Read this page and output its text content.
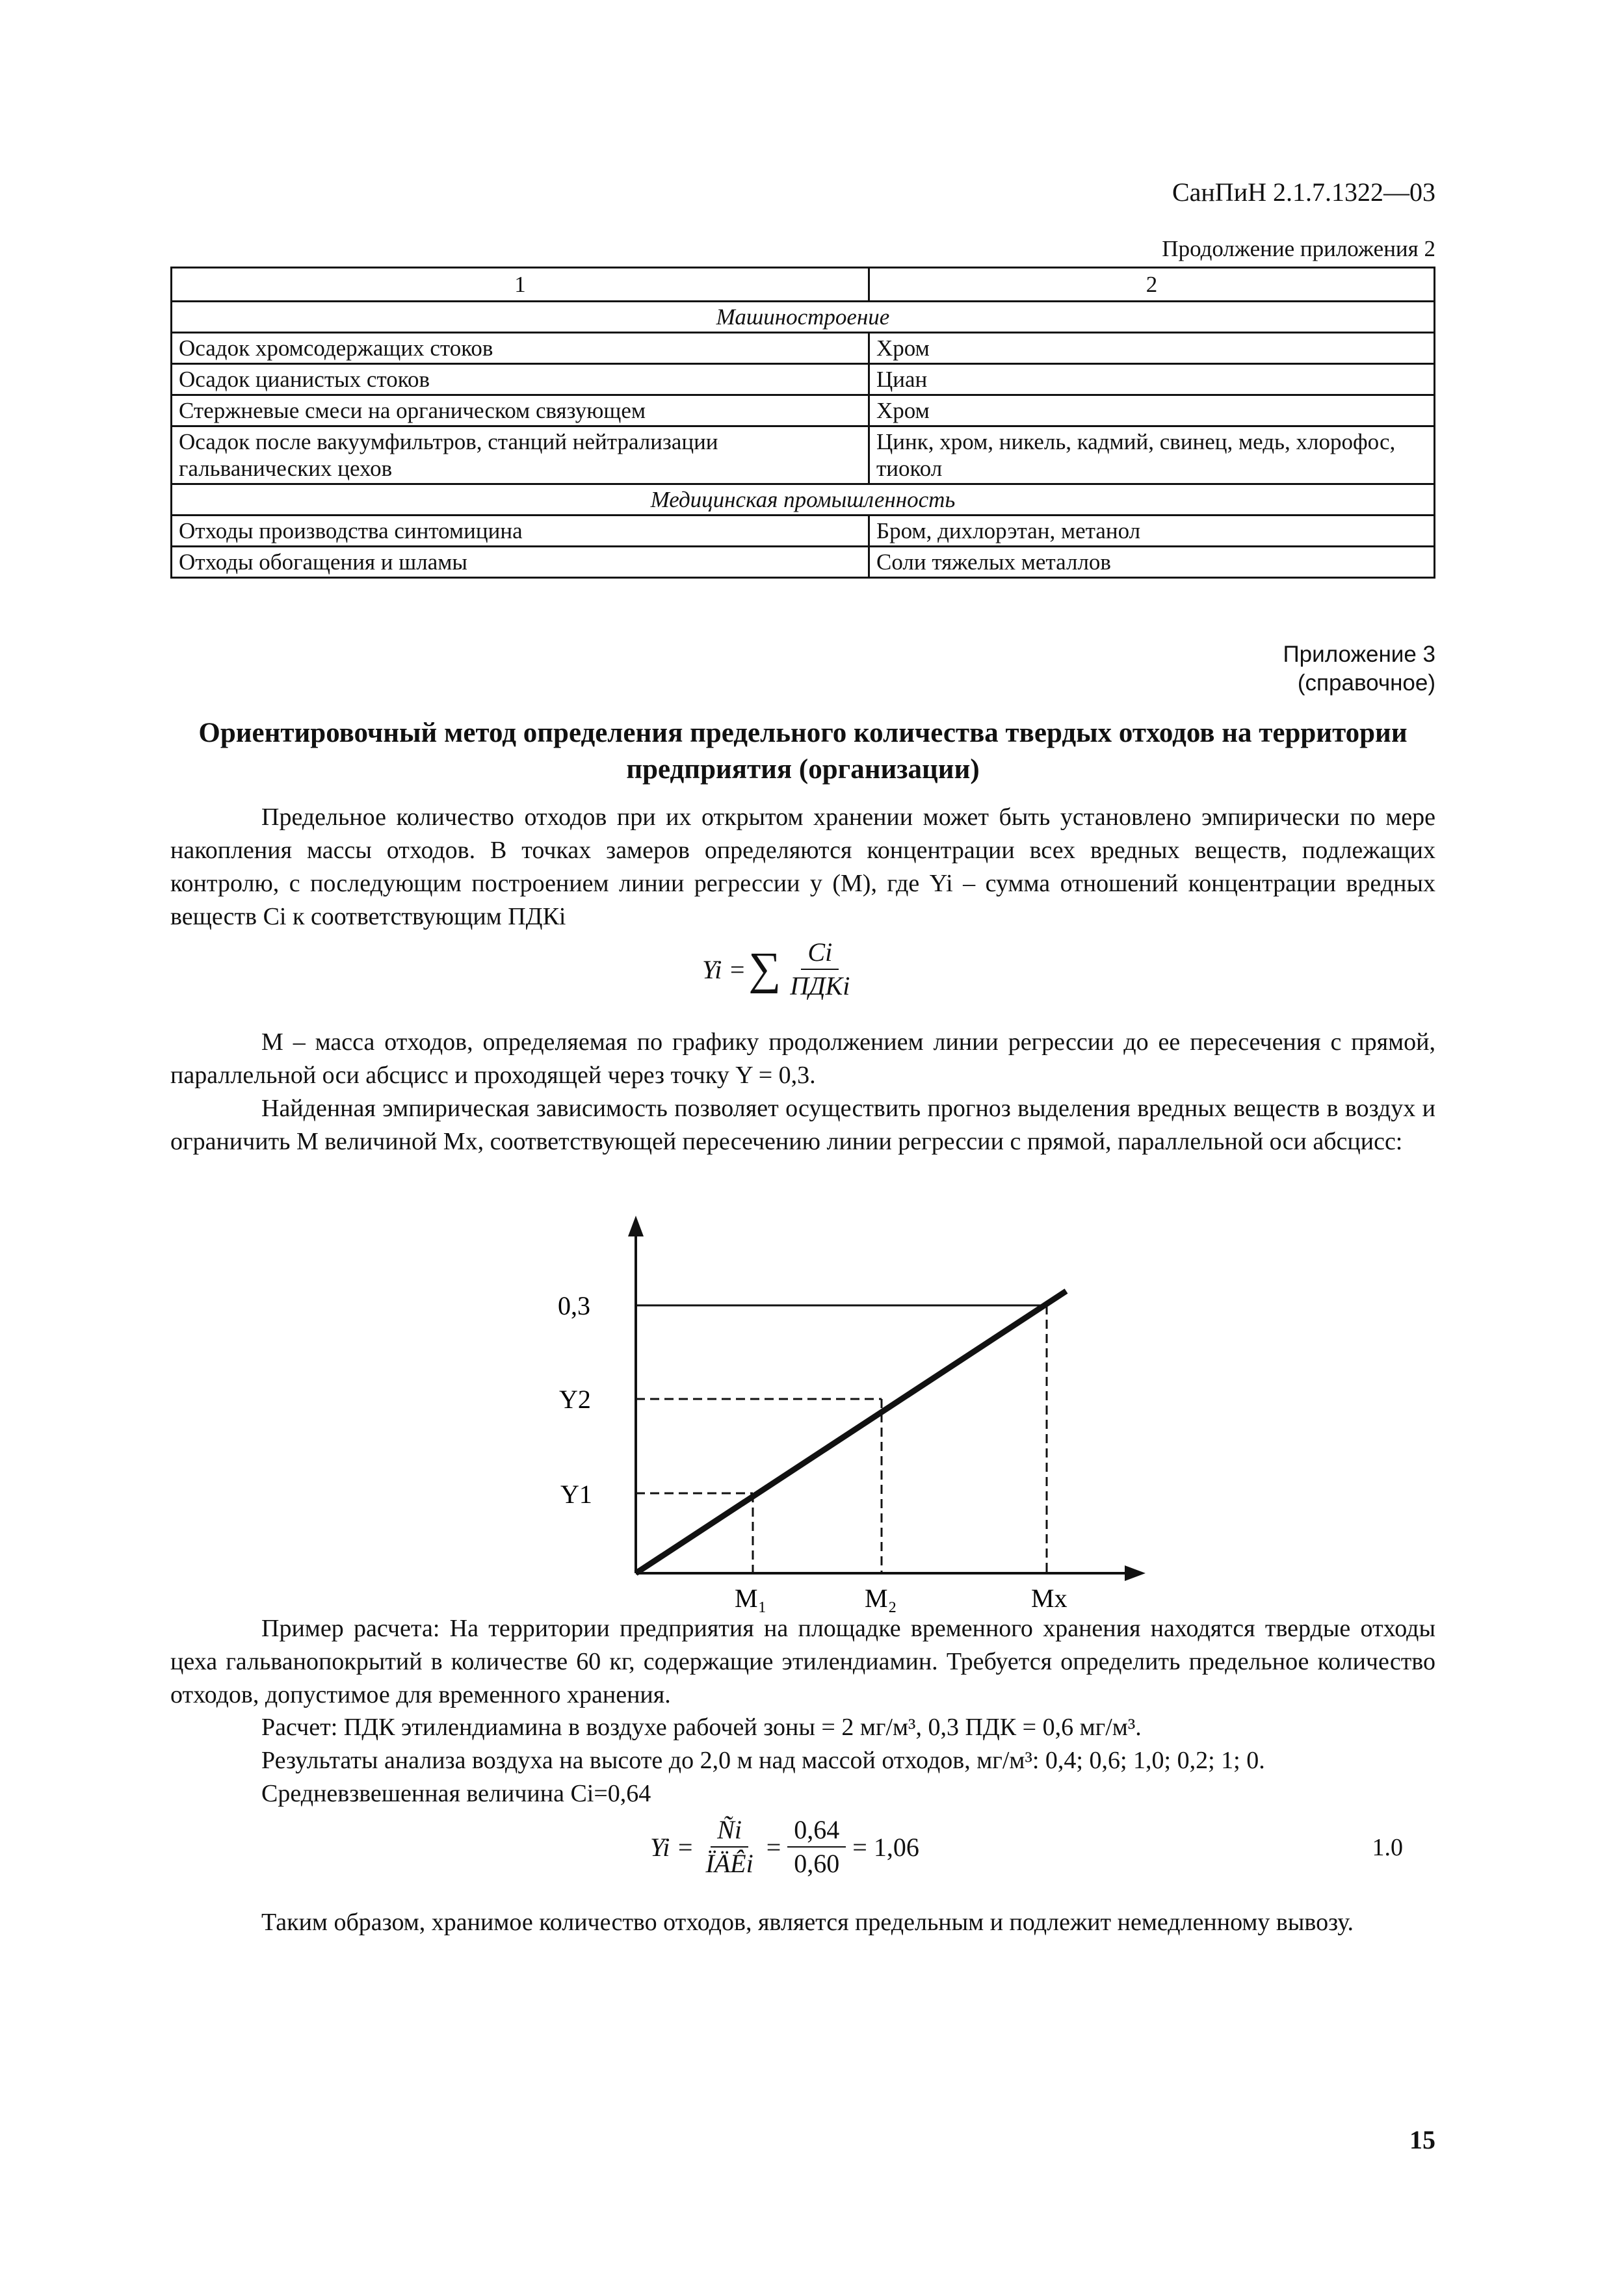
СанПиН 2.1.7.1322—03
Продолжение приложения 2
1	2
Машиностроение	
Осадок хромсодержащих стоков	Хром
Осадок цианистых стоков	Циан
Стержневые смеси на органическом связующем	Хром
Осадок после вакуумфильтров, станций нейтрализации гальванических цехов	Цинк, хром, никель, кадмий, свинец, медь, хлорофос, тиокол
Медицинская промышленность	
Отходы производства синтомицина	Бром, дихлорэтан, метанол
Отходы обогащения и шламы	Соли тяжелых металлов
Приложение 3
(справочное)
Ориентировочный метод определения предельного количества твердых отходов на территории предприятия (организации)
Предельное количество отходов при их открытом хранении может быть установлено эмпирически по мере накопления массы отходов. В точках замеров определяются концентрации всех вредных веществ, подлежащих контролю, с последующим построением линии регрессии у (М), где Yi – сумма отношений концентрации вредных веществ Ci к соответствующим ПДКi
Yi = ∑ $\frac{Ci}{\text{ПДКi}}$
М – масса отходов, определяемая по графику продолжением линии регрессии до ее пересечения с прямой, параллельной оси абсцисс и проходящей через точку Y = 0,3.
Найденная эмпирическая зависимость позволяет осуществить прогноз выделения вредных веществ в воздух и ограничить М величиной Мх, соответствующей пересечению линии регрессии с прямой, параллельной оси абсцисс:
0,3
Y2
Y1
M₁	M₂	Mx
Пример расчета: На территории предприятия на площадке временного хранения находятся твердые отходы цеха гальванопокрытий в количестве 60 кг, содержащие этилендиамин. Требуется определить предельное количество отходов, допустимое для временного хранения.
Расчет: ПДК этилендиамина в воздухе рабочей зоны = 2 мг/м³, 0,3 ПДК = 0,6 мг/м³.
Результаты анализа воздуха на высоте до 2,0 м над массой отходов, мг/м³: 0,4; 0,6; 1,0; 0,2; 1; 0.
Средневзвешенная величина Ci=0,64
$Yi = \frac{Ñi}{\text{ÏÄÊi}} = \frac{0,64}{0,60} = 1,06$	1.0
Таким образом, хранимое количество отходов, является предельным и подлежит немедленному вывозу.
15
